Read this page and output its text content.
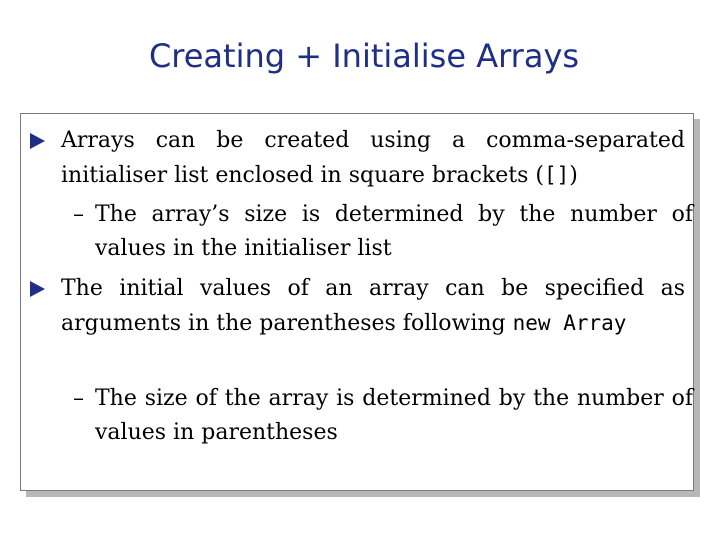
Creating + Initialise Arrays
Arrays can be created using a comma-separated initialiser list enclosed in square brackets ([])
– The array’s size is determined by the number of values in the initialiser list
The initial values of an array can be specified as arguments in the parentheses following new Array
– The size of the array is determined by the number of values in parentheses
